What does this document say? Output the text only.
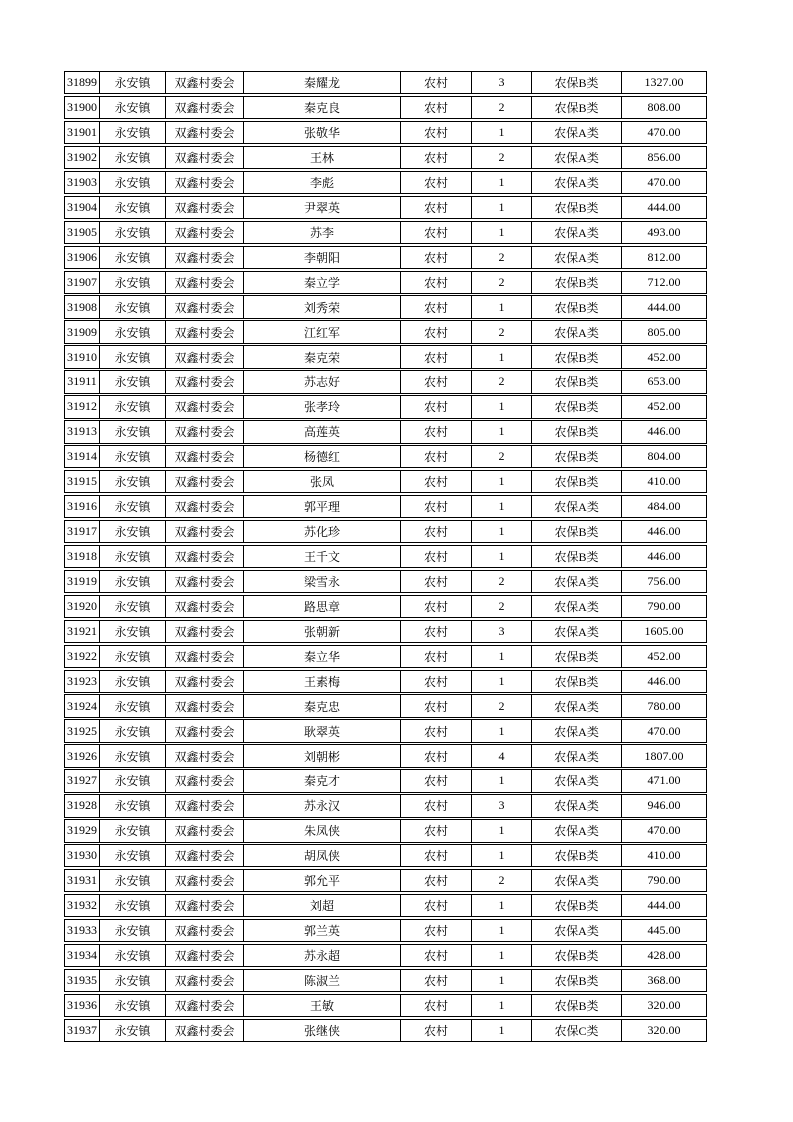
31899	永安镇	双鑫村委会	秦耀龙	农村	3	农保B类	1327.00
31900	永安镇	双鑫村委会	秦克良	农村	2	农保B类	808.00
31901	永安镇	双鑫村委会	张敬华	农村	1	农保A类	470.00
31902	永安镇	双鑫村委会	王林	农村	2	农保A类	856.00
31903	永安镇	双鑫村委会	李彪	农村	1	农保A类	470.00
31904	永安镇	双鑫村委会	尹翠英	农村	1	农保B类	444.00
31905	永安镇	双鑫村委会	苏李	农村	1	农保A类	493.00
31906	永安镇	双鑫村委会	李朝阳	农村	2	农保A类	812.00
31907	永安镇	双鑫村委会	秦立学	农村	2	农保B类	712.00
31908	永安镇	双鑫村委会	刘秀荣	农村	1	农保B类	444.00
31909	永安镇	双鑫村委会	江红军	农村	2	农保A类	805.00
31910	永安镇	双鑫村委会	秦克荣	农村	1	农保B类	452.00
31911	永安镇	双鑫村委会	苏志好	农村	2	农保B类	653.00
31912	永安镇	双鑫村委会	张孝玲	农村	1	农保B类	452.00
31913	永安镇	双鑫村委会	高莲英	农村	1	农保B类	446.00
31914	永安镇	双鑫村委会	杨德红	农村	2	农保B类	804.00
31915	永安镇	双鑫村委会	张凤	农村	1	农保B类	410.00
31916	永安镇	双鑫村委会	郭平理	农村	1	农保A类	484.00
31917	永安镇	双鑫村委会	苏化珍	农村	1	农保B类	446.00
31918	永安镇	双鑫村委会	王千文	农村	1	农保B类	446.00
31919	永安镇	双鑫村委会	梁雪永	农村	2	农保A类	756.00
31920	永安镇	双鑫村委会	路思章	农村	2	农保A类	790.00
31921	永安镇	双鑫村委会	张朝新	农村	3	农保A类	1605.00
31922	永安镇	双鑫村委会	秦立华	农村	1	农保B类	452.00
31923	永安镇	双鑫村委会	王素梅	农村	1	农保B类	446.00
31924	永安镇	双鑫村委会	秦克忠	农村	2	农保A类	780.00
31925	永安镇	双鑫村委会	耿翠英	农村	1	农保A类	470.00
31926	永安镇	双鑫村委会	刘朝彬	农村	4	农保A类	1807.00
31927	永安镇	双鑫村委会	秦克才	农村	1	农保A类	471.00
31928	永安镇	双鑫村委会	苏永汉	农村	3	农保A类	946.00
31929	永安镇	双鑫村委会	朱凤侠	农村	1	农保A类	470.00
31930	永安镇	双鑫村委会	胡凤侠	农村	1	农保B类	410.00
31931	永安镇	双鑫村委会	郭允平	农村	2	农保A类	790.00
31932	永安镇	双鑫村委会	刘超	农村	1	农保B类	444.00
31933	永安镇	双鑫村委会	郭兰英	农村	1	农保A类	445.00
31934	永安镇	双鑫村委会	苏永超	农村	1	农保B类	428.00
31935	永安镇	双鑫村委会	陈淑兰	农村	1	农保B类	368.00
31936	永安镇	双鑫村委会	王敏	农村	1	农保B类	320.00
31937	永安镇	双鑫村委会	张继侠	农村	1	农保C类	320.00
